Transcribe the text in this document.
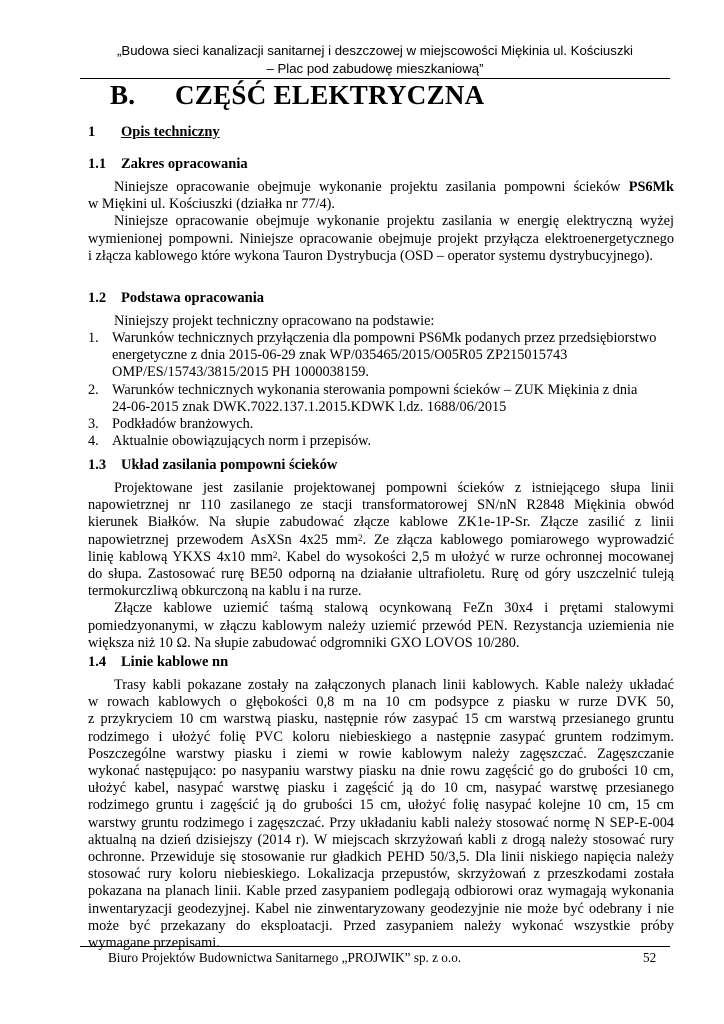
„Budowa sieci kanalizacji sanitarnej i deszczowej w miejscowości Miękinia ul. Kościuszki
– Plac pod zabudowę mieszkaniową”
B. CZĘŚĆ ELEKTRYCZNA
1 Opis techniczny
1.1 Zakres opracowania
Niniejsze opracowanie obejmuje wykonanie projektu zasilania pompowni ścieków PS6Mk
w Miękini ul. Kościuszki (działka nr 77/4).
Niniejsze opracowanie obejmuje wykonanie projektu zasilania w energię elektryczną wyżej
wymienionej pompowni. Niniejsze opracowanie obejmuje projekt przyłącza elektroenergetycznego
i złącza kablowego które wykona Tauron Dystrybucja (OSD – operator systemu dystrybucyjnego).
1.2 Podstawa opracowania
Niniejszy projekt techniczny opracowano na podstawie:
1. Warunków technicznych przyłączenia dla pompowni PS6Mk podanych przez przedsiębiorstwo
energetyczne z dnia 2015-06-29 znak WP/035465/2015/O05R05 ZP215015743
OMP/ES/15743/3815/2015 PH 1000038159.
2. Warunków technicznych wykonania sterowania pompowni ścieków – ZUK Miękinia z dnia
24-06-2015 znak DWK.7022.137.1.2015.KDWK l.dz. 1688/06/2015
3. Podkładów branżowych.
4. Aktualnie obowiązujących norm i przepisów.
1.3 Układ zasilania pompowni ścieków
Projektowane jest zasilanie projektowanej pompowni ścieków z istniejącego słupa linii
napowietrznej nr 110 zasilanego ze stacji transformatorowej SN/nN R2848 Miękinia obwód
kierunek Białków. Na słupie zabudować złącze kablowe ZK1e-1P-Sr. Złącze zasilić z linii
napowietrznej przewodem AsXSn 4x25 $mm^2$. Ze złącza kablowego pomiarowego wyprowadzić
linię kablową YKXS 4x10 $mm^2$. Kabel do wysokości 2,5 m ułożyć w rurze ochronnej mocowanej
do słupa. Zastosować rurę BE50 odporną na działanie ultrafioletu. Rurę od góry uszczelnić tuleją
termokurczliwą obkurczoną na kablu i na rurze.
Złącze kablowe uziemić taśmą stalową ocynkowaną FeZn 30x4 i prętami stalowymi
pomiedzyonanymi, w złączu kablowym należy uziemić przewód PEN. Rezystancja uziemienia nie
większa niż 10 Ω. Na słupie zabudować odgromniki GXO LOVOS 10/280.
1.4 Linie kablowe nn
Trasy kabli pokazane zostały na załączonych planach linii kablowych. Kable należy układać
w rowach kablowych o głębokości 0,8 m na 10 cm podsypce z piasku w rurze DVK 50,
z przykryciem 10 cm warstwą piasku, następnie rów zasypać 15 cm warstwą przesianego gruntu
rodzimego i ułożyć folię PVC koloru niebieskiego a następnie zasypać gruntem rodzimym.
Poszczególne warstwy piasku i ziemi w rowie kablowym należy zagęszczać. Zagęszczanie
wykonać następująco: po nasypaniu warstwy piasku na dnie rowu zagęścić go do grubości 10 cm,
ułożyć kabel, nasypać warstwę piasku i zagęścić ją do 10 cm, nasypać warstwę przesianego
rodzimego gruntu i zagęścić ją do grubości 15 cm, ułożyć folię nasypać kolejne 10 cm, 15 cm
warstwy gruntu rodzimego i zagęszczać. Przy układaniu kabli należy stosować normę N SEP-E-004
aktualną na dzień dzisiejszy (2014 r). W miejscach skrzyżowań kabli z drogą należy stosować rury
ochronne. Przewiduje się stosowanie rur gładkich PEHD 50/3,5. Dla linii niskiego napięcia należy
stosować rury koloru niebieskiego. Lokalizacja przepustów, skrzyżowań z przeszkodami została
pokazana na planach linii. Kable przed zasypaniem podlegają odbiorowi oraz wymagają wykonania
inwentaryzacji geodezyjnej. Kabel nie zinwentaryzowany geodezyjnie nie może być odebrany i nie
może być przekazany do eksploatacji. Przed zasypaniem należy wykonać wszystkie próby
wymagane przepisami.
Biuro Projektów Budownictwa Sanitarnego „PROJWIK” sp. z o.o.	52
